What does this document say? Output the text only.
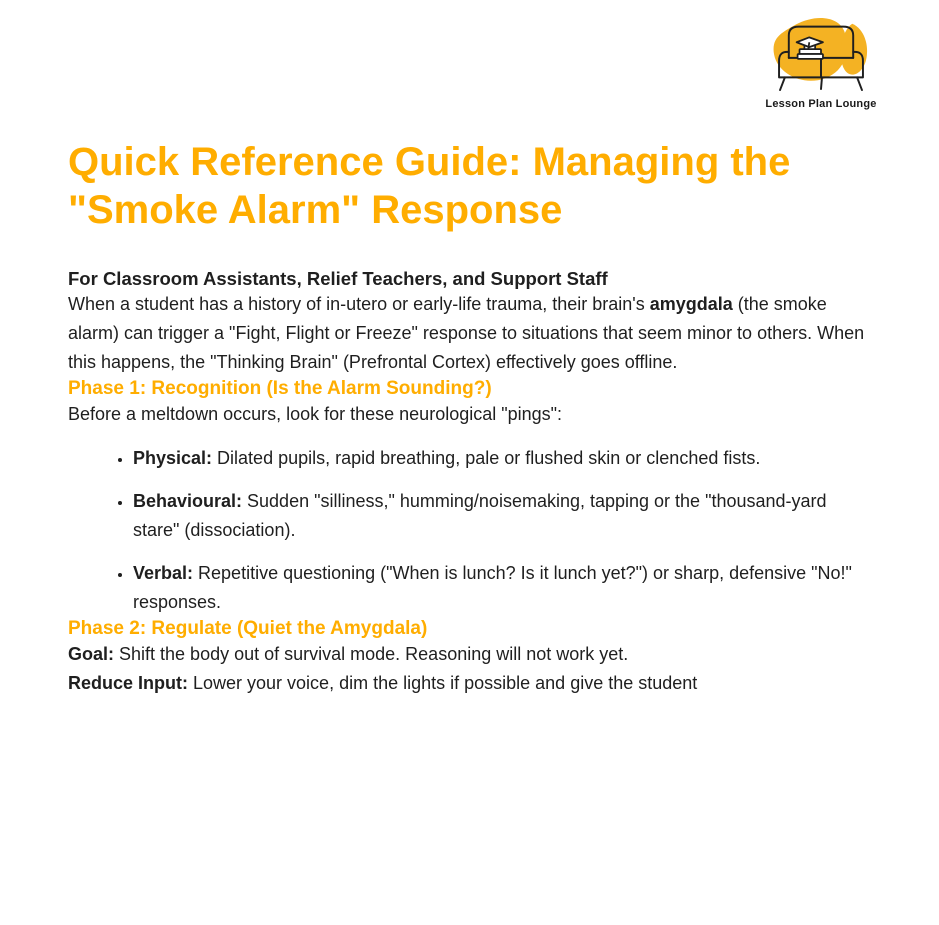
Lesson Plan Lounge
Quick Reference Guide: Managing the "Smoke Alarm" Response
For Classroom Assistants, Relief Teachers, and Support Staff

When a student has a history of in-utero or early-life trauma, their brain's amygdala (the smoke alarm) can trigger a "Fight, Flight or Freeze" response to situations that seem minor to others. When this happens, the "Thinking Brain" (Prefrontal Cortex) effectively goes offline.

Phase 1: Recognition (Is the Alarm Sounding?)

Before a meltdown occurs, look for these neurological "pings":

• Physical: Dilated pupils, rapid breathing, pale or flushed skin or clenched fists.
• Behavioural: Sudden "silliness," humming/noisemaking, tapping or the "thousand-yard stare" (dissociation).
• Verbal: Repetitive questioning ("When is lunch? Is it lunch yet?") or sharp, defensive "No!" responses.
Phase 2: Regulate (Quiet the Amygdala)

Goal: Shift the body out of survival mode. Reasoning will not work yet.

Reduce Input: Lower your voice, dim the lights if possible and give the student
